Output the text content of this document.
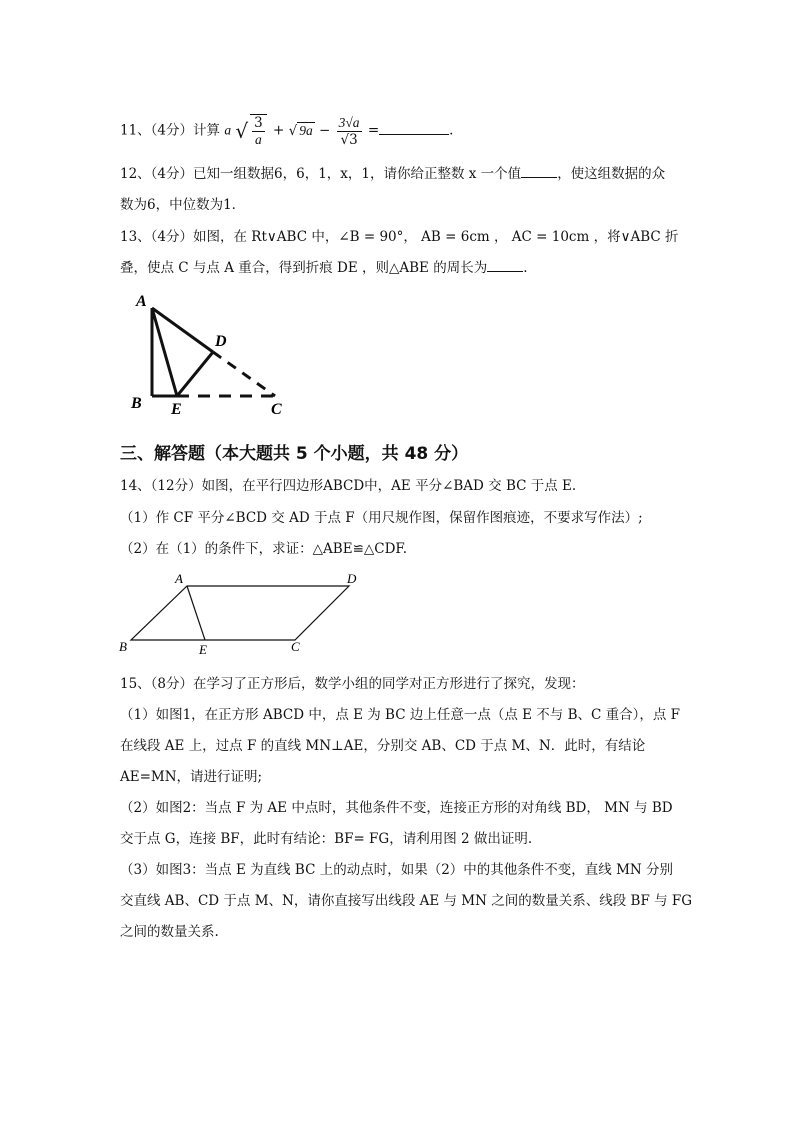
11、（4分）计算 a √ $\frac{3}{a}$ + √ $9a - \frac{3√a}{√3}$ =	.
12、（4分）已知一组数据6，6，1，x，1，请你给正整数 x 一个值	，使这组数据的众
数为6，中位数为1．
13、（4分）如图，在 Rt∨ABC 中，∠B = 90°， AB = 6cm ， AC = 10cm ，将∨ABC 折
叠，使点 C 与点 A 重合，得到折痕 DE ，则△ABE 的周长为	.
A
B E
D
C
三、解答题（本大题共 5 个小题，共 48 分）
14、（12分）如图，在平行四边形ABCD中，AE 平分∠BAD 交 BC 于点 E.
（1）作 CF 平分∠BCD 交 AD 于点 F（用尺规作图，保留作图痕迹，不要求写作法）;
（2）在（1）的条件下，求证：△ABE≌△CDF.
A	D
B	E	C
15、（8分）在学习了正方形后，数学小组的同学对正方形进行了探究，发现：
（1）如图1，在正方形 ABCD 中，点 E 为 BC 边上任意一点（点 E 不与 B、C 重合），点 F
在线段 AE 上，过点 F 的直线 MN⊥AE，分别交 AB、CD 于点 M、N．此时，有结论
AE=MN，请进行证明;
（2）如图2：当点 F 为 AE 中点时，其他条件不变，连接正方形的对角线 BD， MN 与 BD
交于点 G，连接 BF，此时有结论：BF= FG，请利用图 2 做出证明.
（3）如图3：当点 E 为直线 BC 上的动点时，如果（2）中的其他条件不变，直线 MN 分别
交直线 AB、CD 于点 M、N，请你直接写出线段 AE 与 MN 之间的数量关系、线段 BF 与 FG
之间的数量关系.
